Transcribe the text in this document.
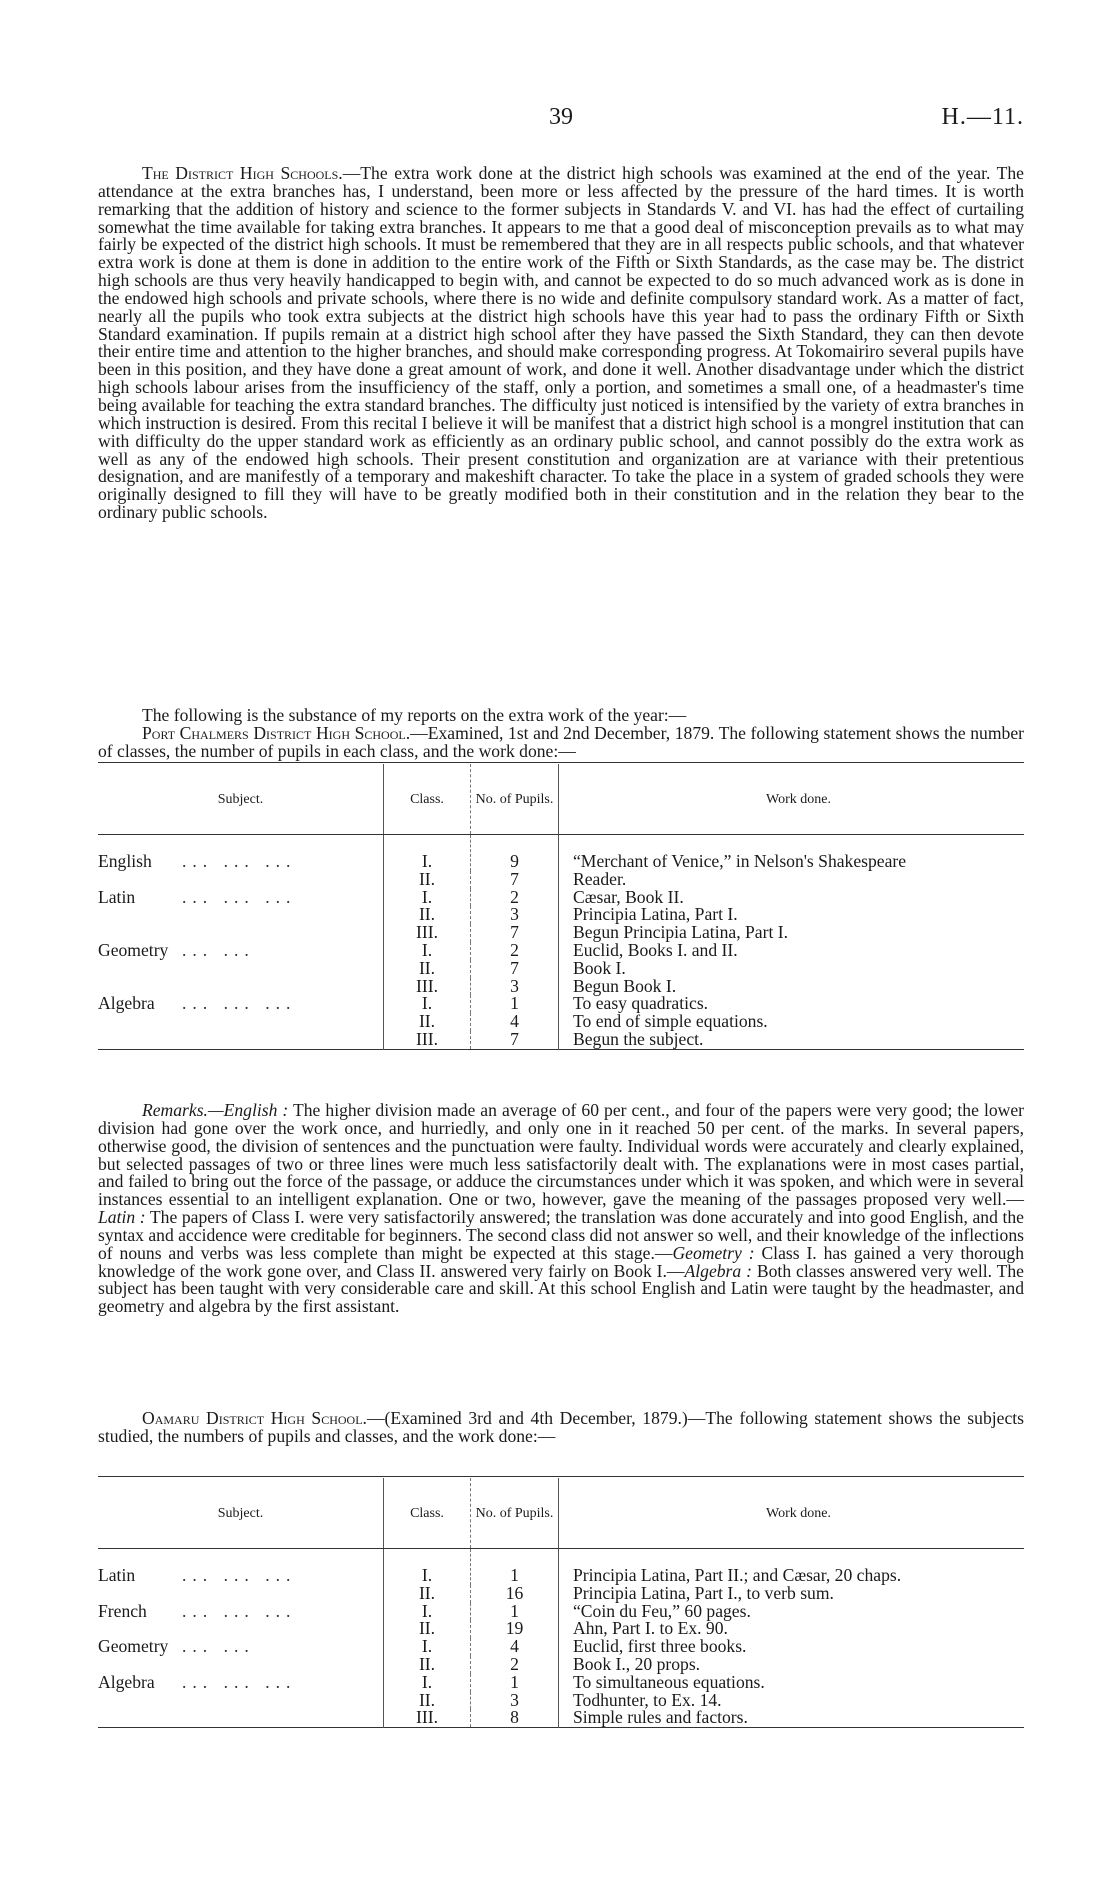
39	H.—11.

The District High Schools.—The extra work done at the district high schools was examined at the end of the year. The attendance at the extra branches has, I understand, been more or less affected by the pressure of the hard times. It is worth remarking that the addition of history and science to the former subjects in Standards V. and VI. has had the effect of curtailing somewhat the time available for taking extra branches. It appears to me that a good deal of misconception prevails as to what may fairly be expected of the district high schools. It must be remembered that they are in all respects public schools, and that whatever extra work is done at them is done in addition to the entire work of the Fifth or Sixth Standards, as the case may be. The district high schools are thus very heavily handicapped to begin with, and cannot be expected to do so much advanced work as is done in the endowed high schools and private schools, where there is no wide and definite compulsory standard work. As a matter of fact, nearly all the pupils who took extra subjects at the district high schools have this year had to pass the ordinary Fifth or Sixth Standard examination. If pupils remain at a district high school after they have passed the Sixth Standard, they can then devote their entire time and attention to the higher branches, and should make corresponding progress. At Tokomairiro several pupils have been in this position, and they have done a great amount of work, and done it well. Another disadvantage under which the district high schools labour arises from the insufficiency of the staff, only a portion, and sometimes a small one, of a headmaster's time being available for teaching the extra standard branches. The difficulty just noticed is intensified by the variety of extra branches in which instruction is desired. From this recital I believe it will be manifest that a district high school is a mongrel institution that can with difficulty do the upper standard work as efficiently as an ordinary public school, and cannot possibly do the extra work as well as any of the endowed high schools. Their present constitution and organization are at variance with their pretentious designation, and are manifestly of a temporary and makeshift character. To take the place in a system of graded schools they were originally designed to fill they will have to be greatly modified both in their constitution and in the relation they bear to the ordinary public schools.

The following is the substance of my reports on the extra work of the year:—

Port Chalmers District High School.—Examined, 1st and 2nd December, 1879. The following statement shows the number of classes, the number of pupils in each class, and the work done:—

Subject.	Class.	No. of Pupils.	Work done.
English ... ... ...	I.	9	“Merchant of Venice,” in Nelson's Shakespeare
	II.	7	Reader.
Latin ... ... ...	I.	2	Cæsar, Book II.
	II.	3	Principia Latina, Part I.
	III.	7	Begun Principia Latina, Part I.
Geometry ... ...	I.	2	Euclid, Books I. and II.
	II.	7	Book I.
	III.	3	Begun Book I.
Algebra ... ... ...	I.	1	To easy quadratics.
	II.	4	To end of simple equations.
	III.	7	Begun the subject.

Remarks.—English : The higher division made an average of 60 per cent., and four of the papers were very good; the lower division had gone over the work once, and hurriedly, and only one in it reached 50 per cent. of the marks. In several papers, otherwise good, the division of sentences and the punctuation were faulty. Individual words were accurately and clearly explained, but selected passages of two or three lines were much less satisfactorily dealt with. The explanations were in most cases partial, and failed to bring out the force of the passage, or adduce the circumstances under which it was spoken, and which were in several instances essential to an intelligent explanation. One or two, however, gave the meaning of the passages proposed very well.—Latin : The papers of Class I. were very satisfactorily answered; the translation was done accurately and into good English, and the syntax and accidence were creditable for beginners. The second class did not answer so well, and their knowledge of the inflections of nouns and verbs was less complete than might be expected at this stage.—Geometry : Class I. has gained a very thorough knowledge of the work gone over, and Class II. answered very fairly on Book I.—Algebra : Both classes answered very well. The subject has been taught with very considerable care and skill. At this school English and Latin were taught by the headmaster, and geometry and algebra by the first assistant.

Oamaru District High School.—(Examined 3rd and 4th December, 1879.)—The following statement shows the subjects studied, the numbers of pupils and classes, and the work done:—

Subject.	Class.	No. of Pupils.	Work done.
Latin ... ... ...	I.	1	Principia Latina, Part II.; and Cæsar, 20 chaps.
	II.	16	Principia Latina, Part I., to verb sum.
French ... ... ...	I.	1	“Coin du Feu,” 60 pages.
	II.	19	Ahn, Part I. to Ex. 90.
Geometry ... ...	I.	4	Euclid, first three books.
	II.	2	Book I., 20 props.
Algebra ... ... ...	I.	1	To simultaneous equations.
	II.	3	Todhunter, to Ex. 14.
	III.	8	Simple rules and factors.
